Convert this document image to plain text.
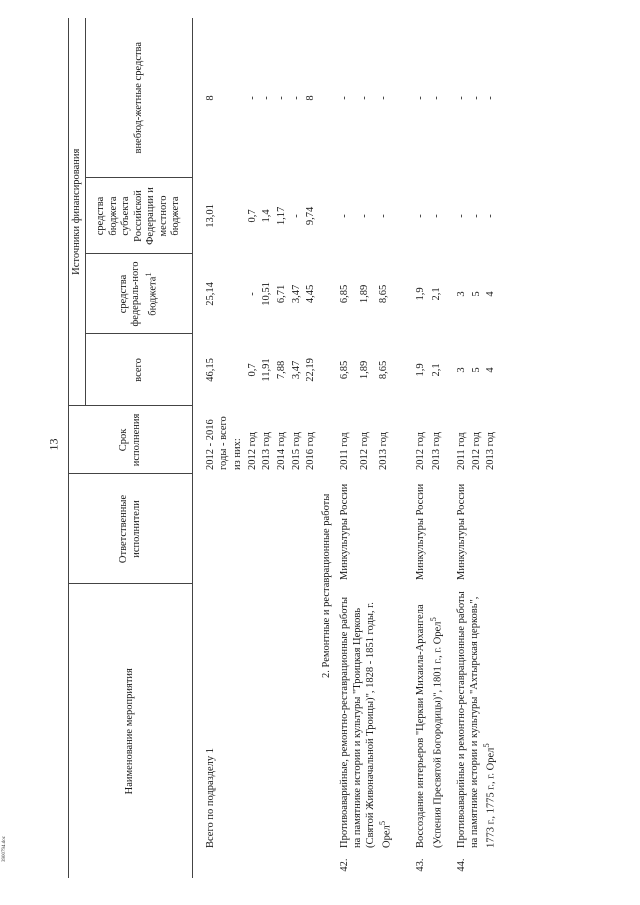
13
3900794.doc
Наименование мероприятия		Ответственные исполнители	Срок исполнения	Источники финансирования			
				всего	средства федераль-ного бюджета$^1$	средства бюджета субъекта Российской Федерации и местного бюджета	внебюд-жетные средства
	Всего по подразделу 1		2012 - 2016 годы - всего	46,15	25,14	13,01	8
			из них:				
			2012 год	0,7	-	0,7	-
			2013 год	11,91	10,51	1,4	-
			2014 год	7,88	6,71	1,17	-
			2015 год	3,47	3,47	-	-
			2016 год	22,19	4,45	9,74	8
2. Ремонтные и реставрационные работы							
42.	Противоаварийные, ремонтно-реставрационные работы на памятнике истории и культуры "Троицкая Церковь (Святой Живоначальной Троицы)", 1828 - 1851 годы, г. Орел$^5$	Минкультуры России	2011 год	6,85	6,85	-	-
			2012 год	1,89	1,89	-	-
			2013 год	8,65	8,65	-	-

43.	Воссоздание интерьеров "Церкви Михаила-Архангела (Успения Пресвятой Богородицы)", 1801 г., г. Орел$^5$	Минкультуры России	2012 год	1,9	1,9	-	-
			2013 год	2,1	2,1	-	-

44.	Противоаварийные и ремонтно-реставрационные работы на памятнике истории и культуры "Ахтырская церковь", 1773 г., 1775 г., г. Орел$^5$	Минкультуры России	2011 год	3	3	-	-
			2012 год	5	5	-	-
			2013 год	4	4	-	-
